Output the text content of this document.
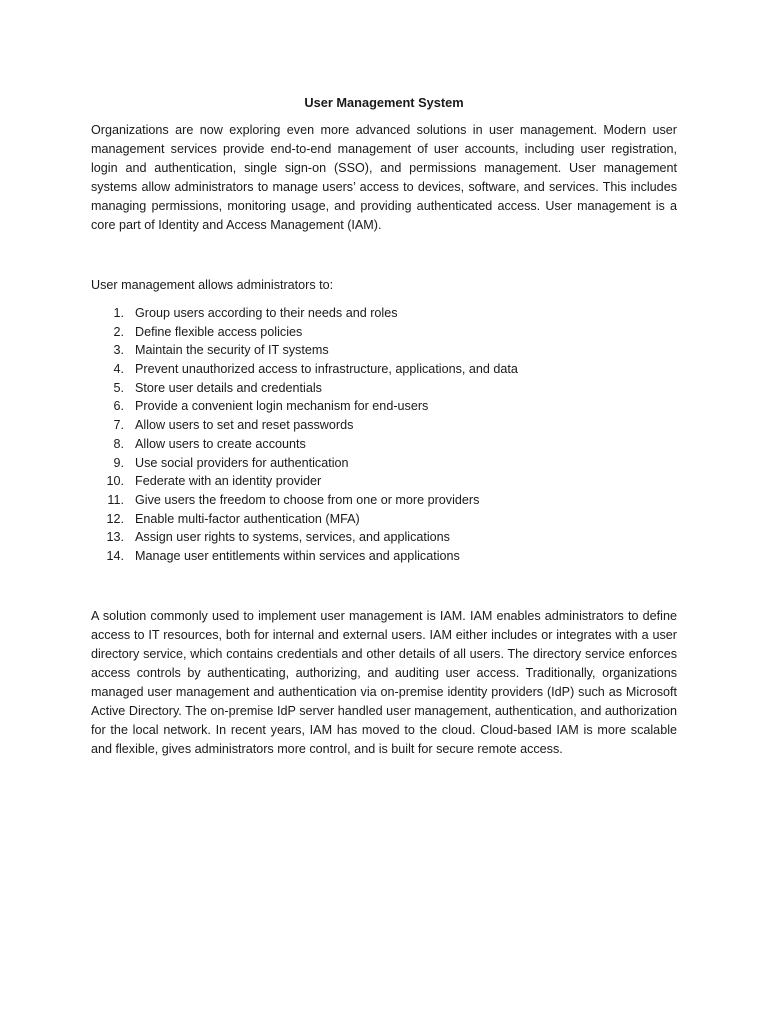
User Management System

Organizations are now exploring even more advanced solutions in user management. Modern user management services provide end-to-end management of user accounts, including user registration, login and authentication, single sign-on (SSO), and permissions management. User management systems allow administrators to manage users’ access to devices, software, and services. This includes managing permissions, monitoring usage, and providing authenticated access. User management is a core part of Identity and Access Management (IAM).

User management allows administrators to:

1. Group users according to their needs and roles
2. Define flexible access policies
3. Maintain the security of IT systems
4. Prevent unauthorized access to infrastructure, applications, and data
5. Store user details and credentials
6. Provide a convenient login mechanism for end-users
7. Allow users to set and reset passwords
8. Allow users to create accounts
9. Use social providers for authentication
10. Federate with an identity provider
11. Give users the freedom to choose from one or more providers
12. Enable multi-factor authentication (MFA)
13. Assign user rights to systems, services, and applications
14. Manage user entitlements within services and applications

A solution commonly used to implement user management is IAM. IAM enables administrators to define access to IT resources, both for internal and external users. IAM either includes or integrates with a user directory service, which contains credentials and other details of all users. The directory service enforces access controls by authenticating, authorizing, and auditing user access. Traditionally, organizations managed user management and authentication via on-premise identity providers (IdP) such as Microsoft Active Directory. The on-premise IdP server handled user management, authentication, and authorization for the local network. In recent years, IAM has moved to the cloud. Cloud-based IAM is more scalable and flexible, gives administrators more control, and is built for secure remote access.
